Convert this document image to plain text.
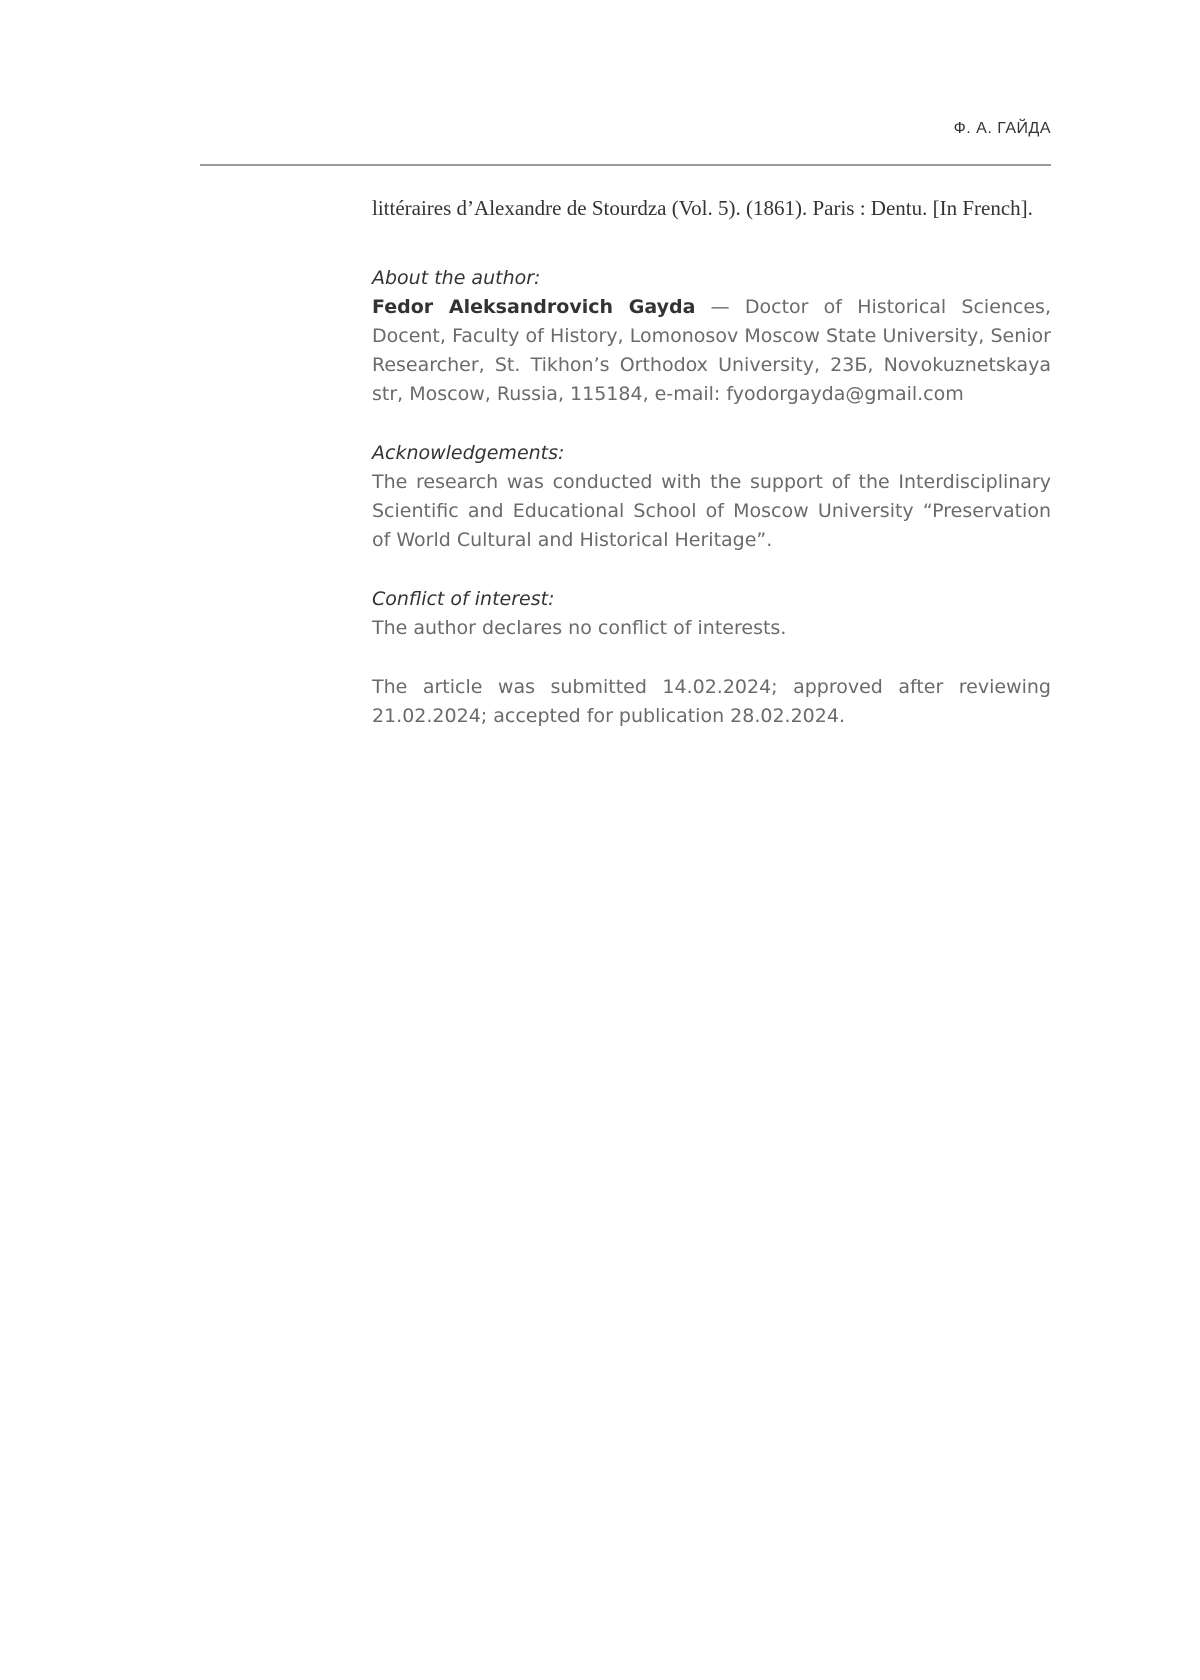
Ф. А. ГАЙДА

littéraires d’Alexandre de Stourdza (Vol. 5). (1861). Paris : Dentu. [In French].

About the author:

Fedor Aleksandrovich Gayda — Doctor of Historical Sciences, Docent, Faculty of History, Lomonosov Moscow State University, Senior Researcher, St. Tikhon’s Orthodox University, 23Б, Novokuznetskaya str, Moscow, Russia, 115184, e-mail: fyodorgayda@gmail.com

Acknowledgements:

The research was conducted with the support of the Interdisciplinary Scientific and Educational School of Moscow University “Preservation of World Cultural and Historical Heritage”.

Conflict of interest:

The author declares no conflict of interests.

The article was submitted 14.02.2024; approved after reviewing 21.02.2024; accepted for publication 28.02.2024.
